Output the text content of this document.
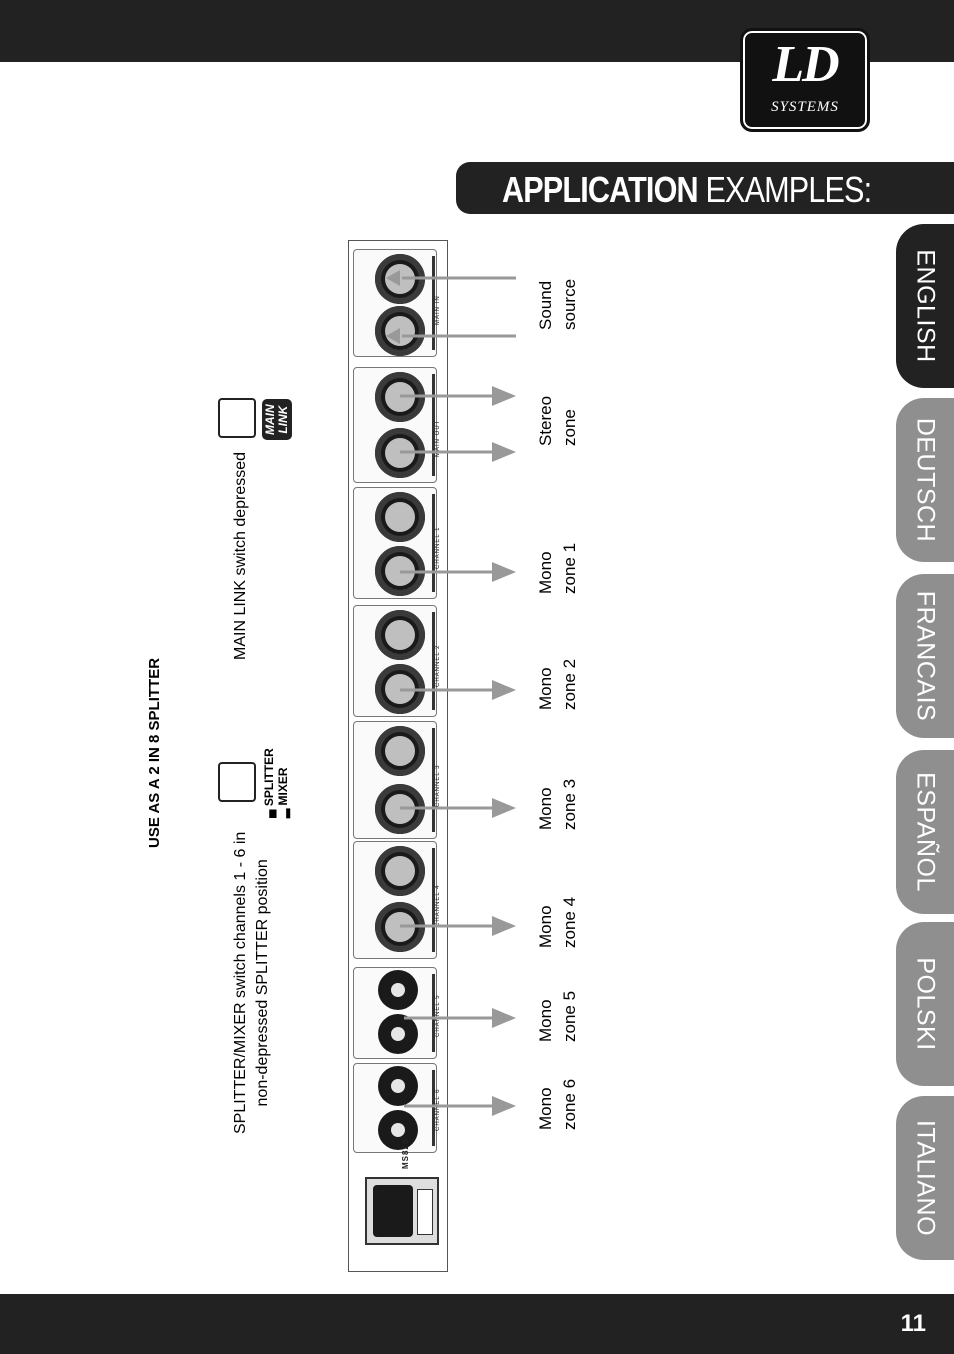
LD
SYSTEMS
APPLICATION EXAMPLES:
ENGLISH
DEUTSCH
FRANCAIS
ESPAÑOL
POLSKI
ITALIANO
USE AS A 2 IN 8 SPLITTER
SPLITTER/MIXER switch channels 1 - 6 in non-depressed SPLITTER position
▄ SPLITTER
▂ MIXER
MAIN LINK switch depressed
MAIN LINK
MAIN IN
MAIN OUT
CHANNEL 1
CHANNEL 2
CHANNEL 3
CHANNEL 4
CHANNEL 5
CHANNEL 6
MS828
Sound source
Stereo zone
Mono zone 1
Mono zone 2
Mono zone 3
Mono zone 4
Mono zone 5
Mono zone 6
11
